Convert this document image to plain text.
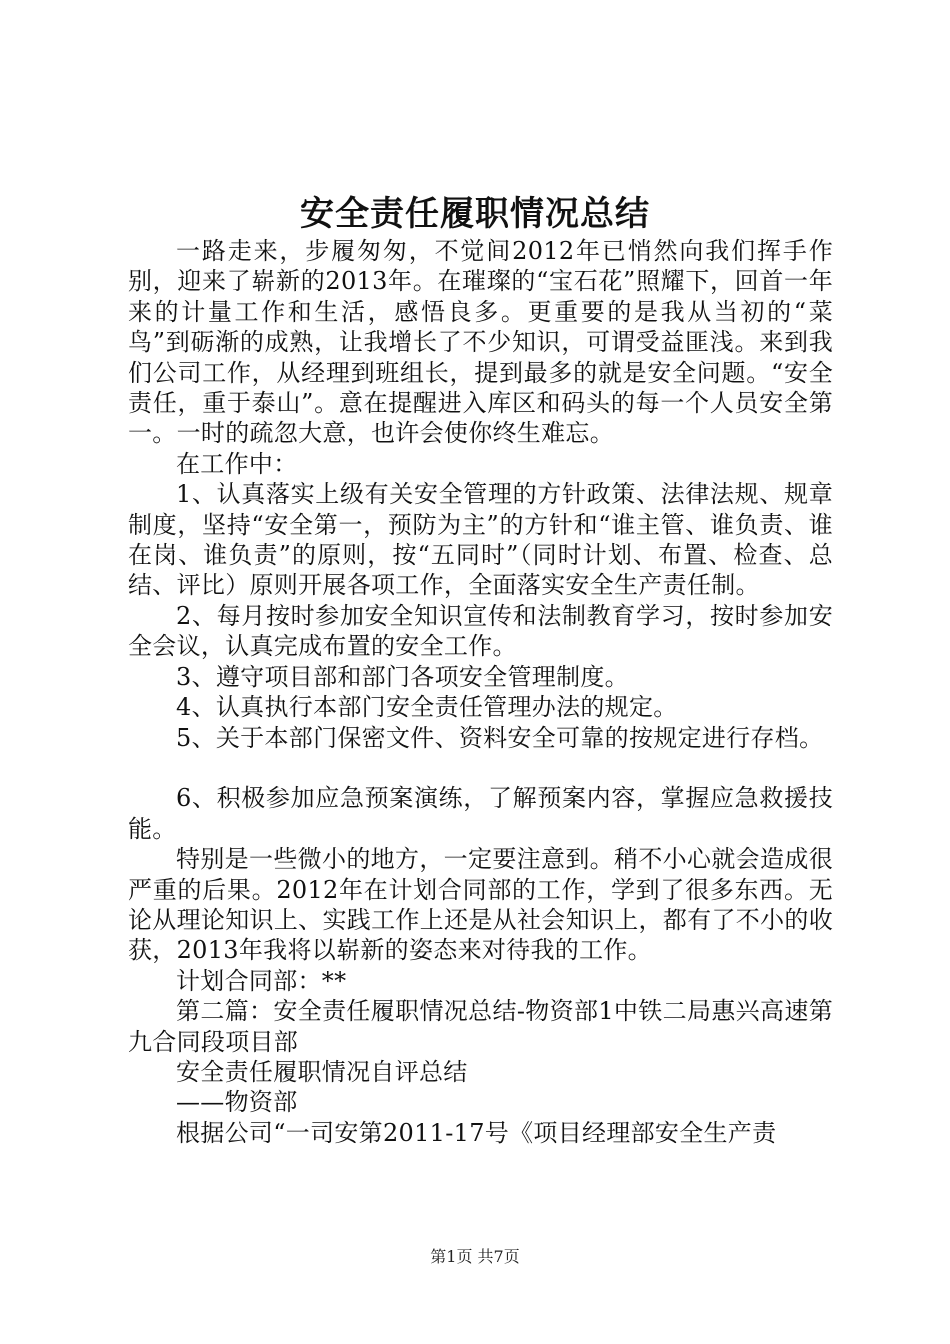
安全责任履职情况总结

一路走来，步履匆匆，不觉间2012年已悄然向我们挥手作别，迎来了崭新的2013年。在璀璨的“宝石花”照耀下，回首一年来的计量工作和生活，感悟良多。更重要的是我从当初的“菜鸟”到砺渐的成熟，让我增长了不少知识，可谓受益匪浅。来到我们公司工作，从经理到班组长，提到最多的就是安全问题。“安全责任，重于泰山”。意在提醒进入库区和码头的每一个人员安全第一。一时的疏忽大意，也许会使你终生难忘。

在工作中：

1、认真落实上级有关安全管理的方针政策、法律法规、规章制度，坚持“安全第一，预防为主”的方针和“谁主管、谁负责、谁在岗、谁负责”的原则，按“五同时”（同时计划、布置、检查、总结、评比）原则开展各项工作，全面落实安全生产责任制。

2、每月按时参加安全知识宣传和法制教育学习，按时参加安全会议，认真完成布置的安全工作。

3、遵守项目部和部门各项安全管理制度。

4、认真执行本部门安全责任管理办法的规定。

5、关于本部门保密文件、资料安全可靠的按规定进行存档。

6、积极参加应急预案演练，了解预案内容，掌握应急救援技能。

特别是一些微小的地方，一定要注意到。稍不小心就会造成很严重的后果。2012年在计划合同部的工作，学到了很多东西。无论从理论知识上、实践工作上还是从社会知识上，都有了不小的收获，2013年我将以崭新的姿态来对待我的工作。

计划合同部：**

第二篇：安全责任履职情况总结-物资部1中铁二局惠兴高速第九合同段项目部

安全责任履职情况自评总结

——物资部

根据公司“一司安第2011-17号《项目经理部安全生产责

第1页 共7页
